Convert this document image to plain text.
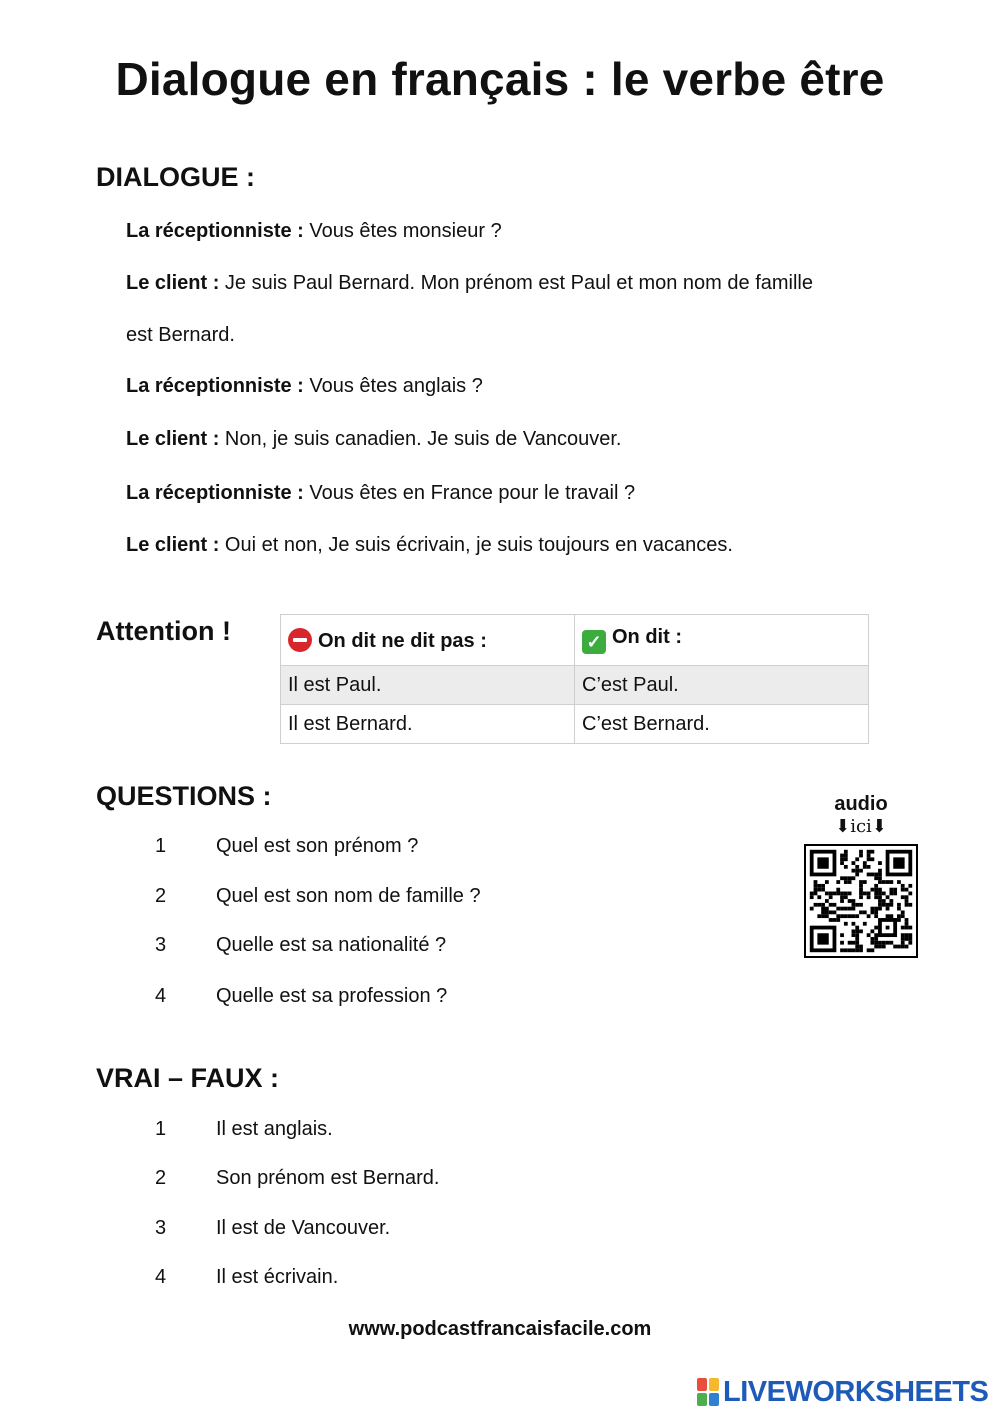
Dialogue en français : le verbe être
DIALOGUE :
La réceptionniste : Vous êtes monsieur ?
Le client : Je suis Paul Bernard. Mon prénom est Paul et mon nom de famille
est Bernard.
La réceptionniste : Vous êtes anglais ?
Le client : Non, je suis canadien. Je suis de Vancouver.
La réceptionniste : Vous êtes en France pour le travail ?
Le client : Oui et non, Je suis écrivain, je suis toujours en vacances.
Attention !	On dit ne dit pas :	✓ On dit :
Il est Paul.	C’est Paul.
Il est Bernard.	C’est Bernard.
QUESTIONS :
1 Quel est son prénom ?
2 Quel est son nom de famille ?
3 Quelle est sa nationalité ?
4 Quelle est sa profession ?
audio
⬇ici⬇
VRAI – FAUX :
1 Il est anglais.
2 Son prénom est Bernard.
3 Il est de Vancouver.
4 Il est écrivain.
www.podcastfrancaisfacile.com
LIVEWORKSHEETS
